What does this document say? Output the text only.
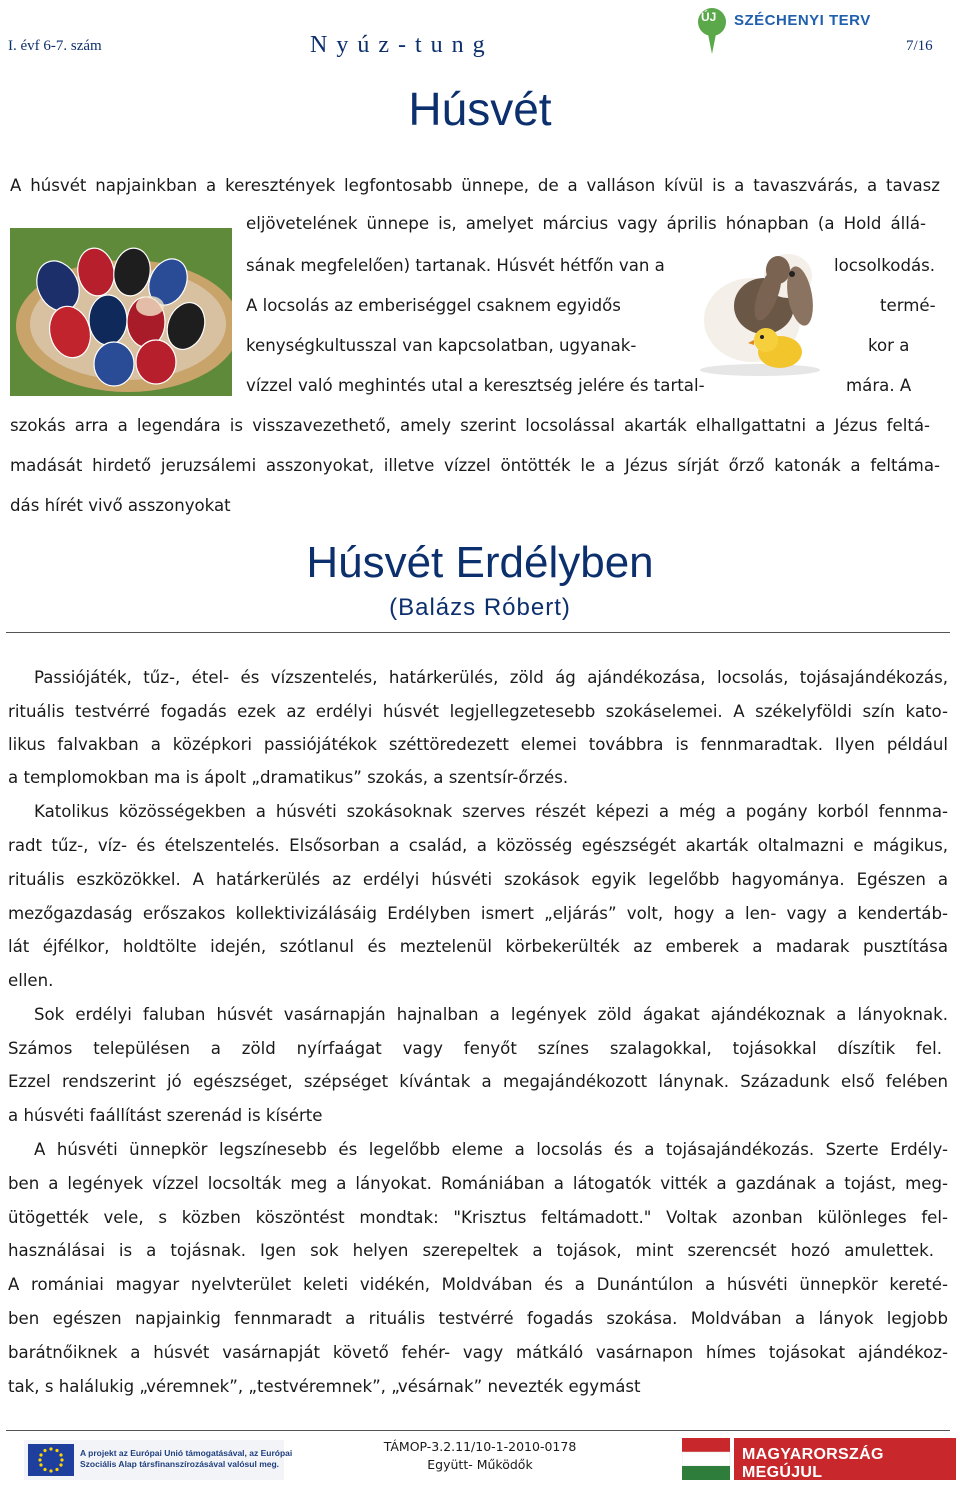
I. évf 6-7. szám	Nyúz-tung	7/16
ÚJ SZÉCHENYI TERV
Húsvét
A húsvét napjainkban a keresztények legfontosabb ünnepe, de a valláson kívül is a tavaszvárás, a tavasz
eljövetelének ünnepe is, amelyet március vagy április hónapban (a Hold állá-
sának megfelelően) tartanak. Húsvét hétfőn van a	locsolkodás.
A locsolás az emberiséggel csaknem egyidős	termé-
kenységkultusszal van kapcsolatban, ugyanak-	kor a
vízzel való meghintés utal a keresztség jelére és tartal-	mára. A
szokás arra a legendára is visszavezethető, amely szerint locsolással akarták elhallgattatni a Jézus feltá-
madását hirdető jeruzsálemi asszonyokat, illetve vízzel öntötték le a Jézus sírját őrző katonák a feltáma-
dás hírét vivő asszonyokat
Húsvét Erdélyben
(Balázs Róbert)
Passiójáték, tűz-, étel- és vízszentelés, határkerülés, zöld ág ajándékozása, locsolás, tojásajándékozás,
rituális testvérré fogadás ezek az erdélyi húsvét legjellegzetesebb szokáselemei. A székelyföldi szín kato-
likus falvakban a középkori passiójátékok széttöredezett elemei továbbra is fennmaradtak. Ilyen például
a templomokban ma is ápolt „dramatikus” szokás, a szentsír-őrzés.
Katolikus közösségekben a húsvéti szokásoknak szerves részét képezi a még a pogány korból fennma-
radt tűz-, víz- és ételszentelés. Elsősorban a család, a közösség egészségét akarták oltalmazni e mágikus,
rituális eszközökkel. A határkerülés az erdélyi húsvéti szokások egyik legelőbb hagyománya. Egészen a
mezőgazdaság erőszakos kollektivizálásáig Erdélyben ismert „eljárás” volt, hogy a len- vagy a kendertáb-
lát éjfélkor, holdtölte idején, szótlanul és meztelenül körbekerülték az emberek a madarak pusztítása
ellen.
Sok erdélyi faluban húsvét vasárnapján hajnalban a legények zöld ágakat ajándékoznak a lányoknak.
Számos településen a zöld nyírfaágat vagy fenyőt színes szalagokkal, tojásokkal díszítik fel.
Ezzel rendszerint jó egészséget, szépséget kívántak a megajándékozott lánynak. Századunk első felében
a húsvéti faállítást szerenád is kísérte
A húsvéti ünnepkör legszínesebb és legelőbb eleme a locsolás és a tojásajándékozás. Szerte Erdély-
ben a legények vízzel locsolták meg a lányokat. Romániában a látogatók vitték a gazdának a tojást, meg-
ütögették vele, s közben köszöntést mondtak: "Krisztus feltámadott." Voltak azonban különleges fel-
használásai is a tojásnak. Igen sok helyen szerepeltek a tojások, mint szerencsét hozó amulettek.
A romániai magyar nyelvterület keleti vidékén, Moldvában és a Dunántúlon a húsvéti ünnepkör kereté-
ben egészen napjainkig fennmaradt a rituális testvérré fogadás szokása. Moldvában a lányok legjobb
barátnőiknek a húsvét vasárnapját követő fehér- vagy mátkáló vasárnapon hímes tojásokat ajándékoz-
tak, s halálukig „véremnek”, „testvéremnek”, „vésárnak” nevezték egymást
A projekt az Európai Unió támogatásával, az Európai
Szociális Alap társfinanszírozásával valósul meg.
TÁMOP-3.2.11/10-1-2010-0178
Együtt- Működők
MAGYARORSZÁG MEGÚJUL
